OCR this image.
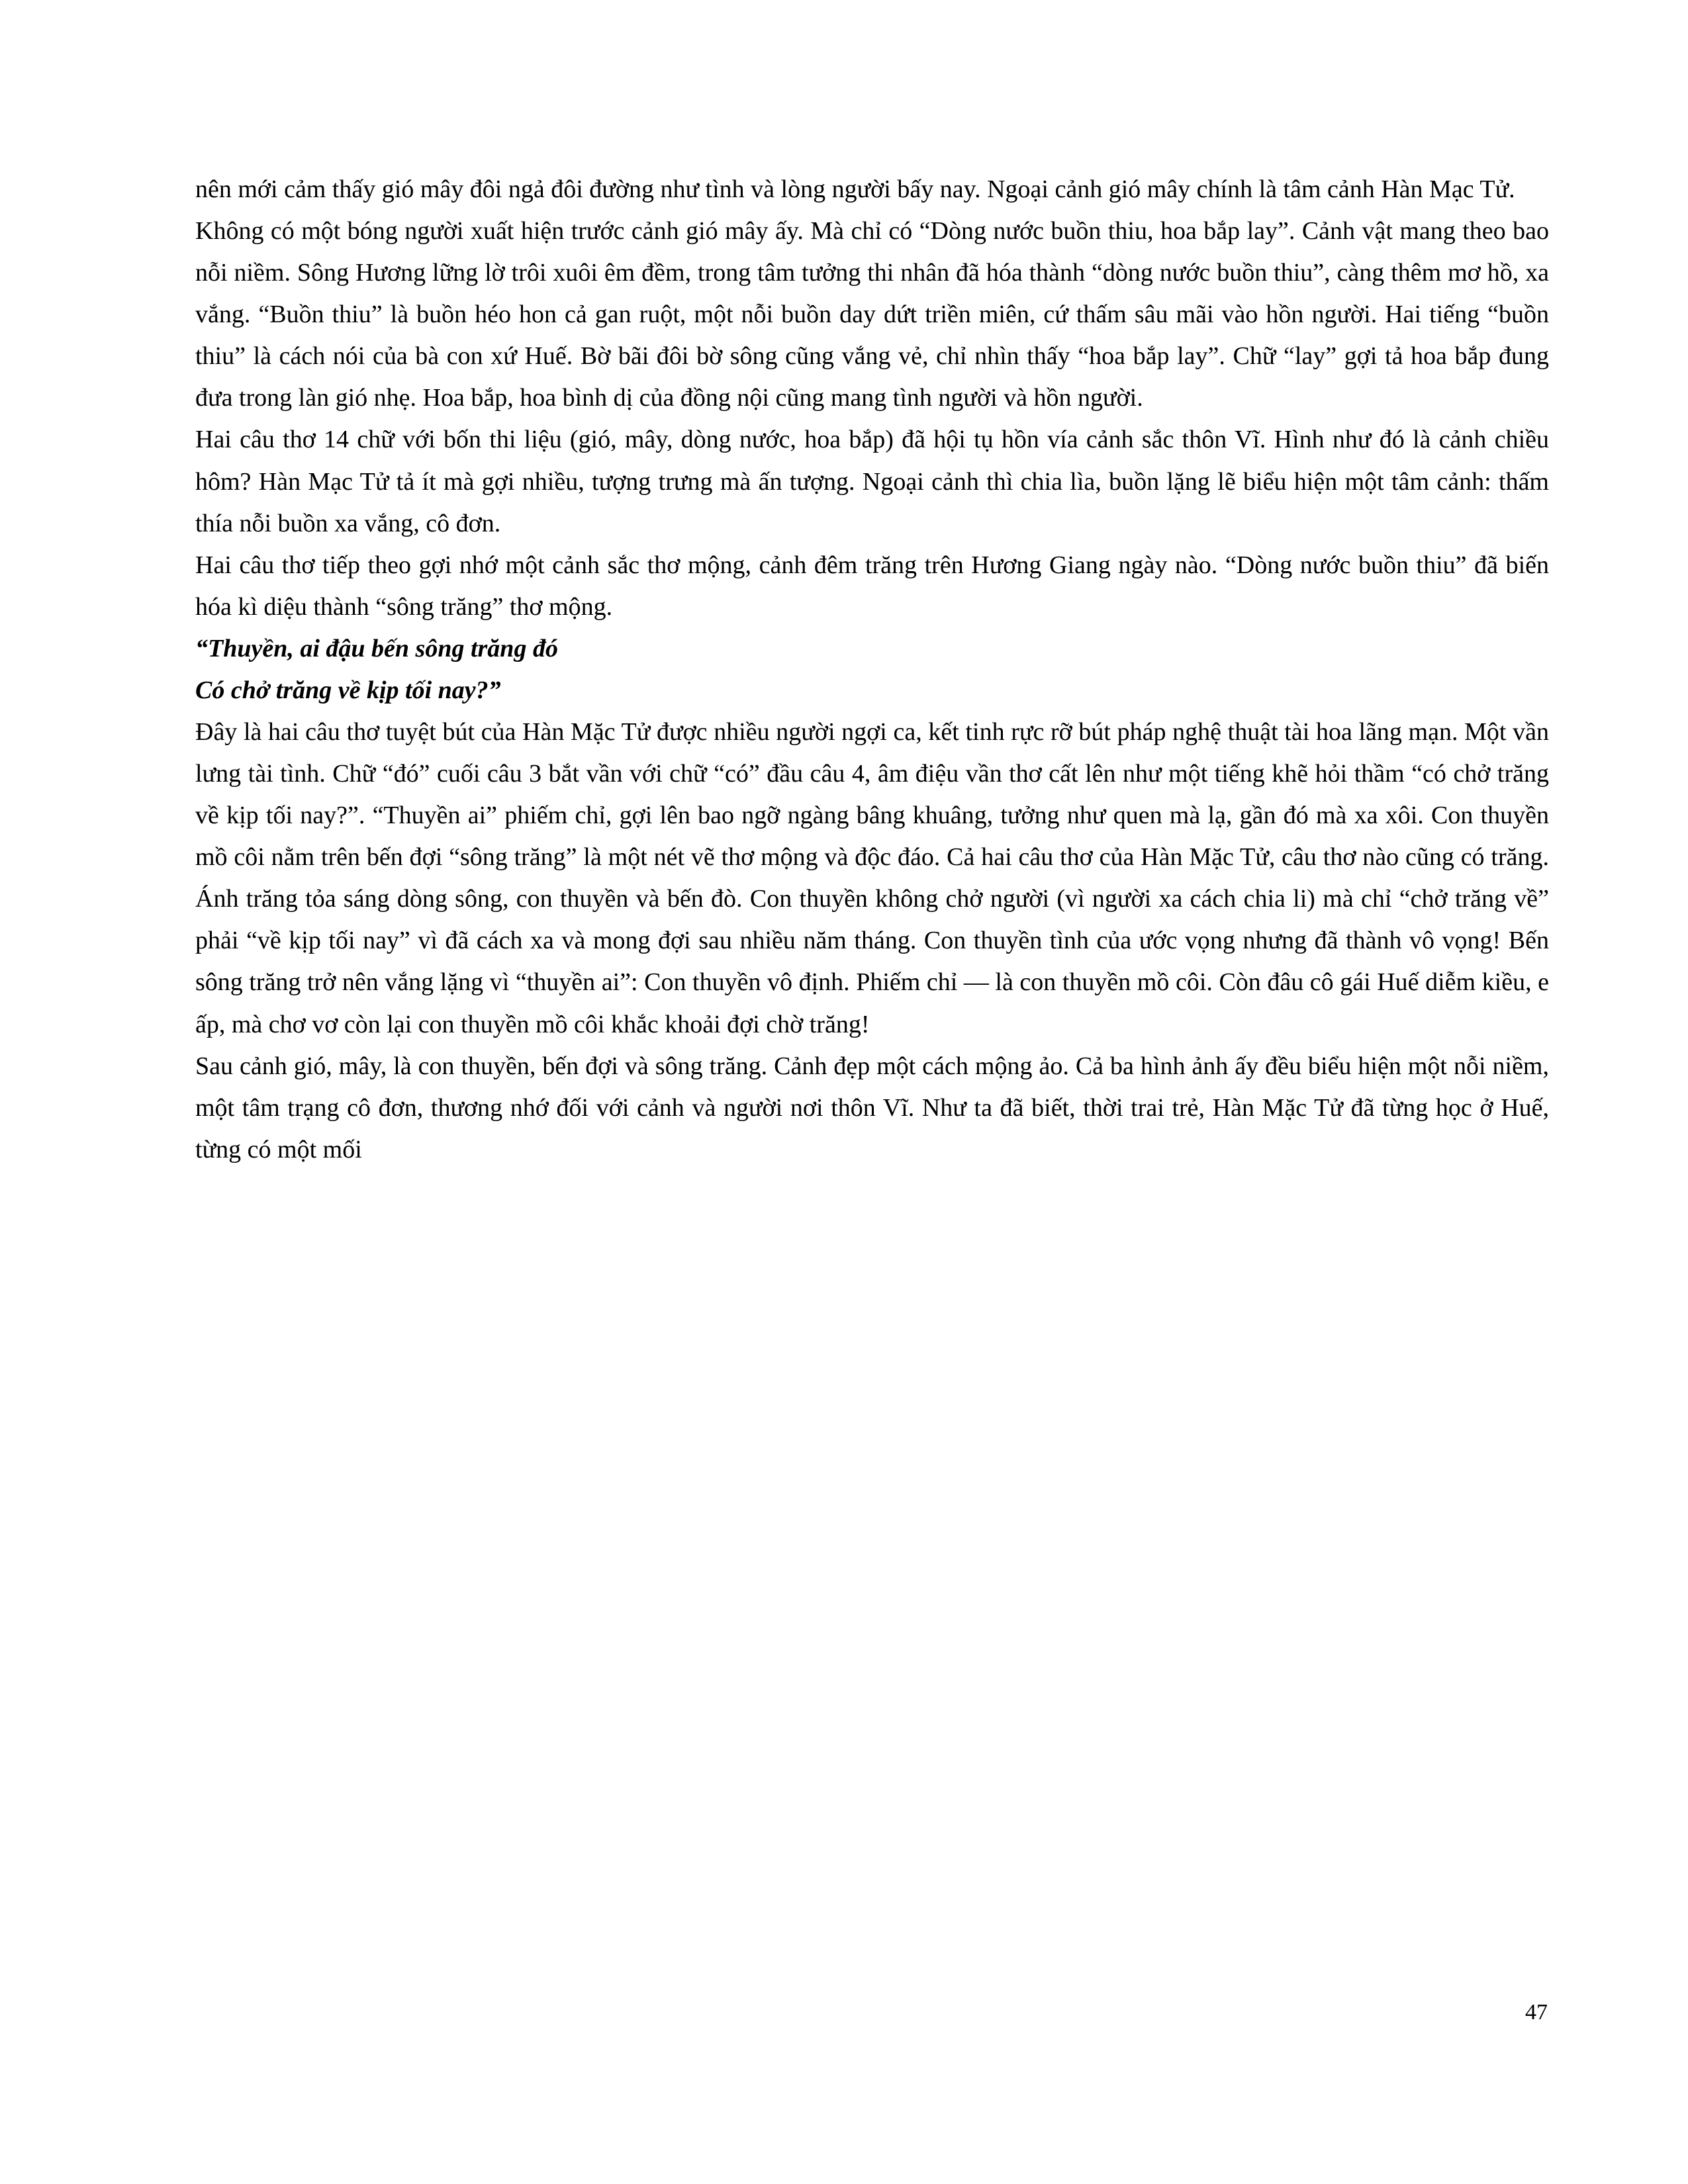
nên mới cảm thấy gió mây đôi ngả đôi đường như tình và lòng người bấy nay. Ngoại cảnh gió mây chính là tâm cảnh Hàn Mạc Tử.

Không có một bóng người xuất hiện trước cảnh gió mây ấy. Mà chỉ có “Dòng nước buồn thiu, hoa bắp lay”. Cảnh vật mang theo bao nỗi niềm. Sông Hương lững lờ trôi xuôi êm đềm, trong tâm tưởng thi nhân đã hóa thành “dòng nước buồn thiu”, càng thêm mơ hồ, xa vắng. “Buồn thiu” là buồn héo hon cả gan ruột, một nỗi buồn day dứt triền miên, cứ thấm sâu mãi vào hồn người. Hai tiếng “buồn thiu” là cách nói của bà con xứ Huế. Bờ bãi đôi bờ sông cũng vắng vẻ, chỉ nhìn thấy “hoa bắp lay”. Chữ “lay” gợi tả hoa bắp đung đưa trong làn gió nhẹ. Hoa bắp, hoa bình dị của đồng nội cũng mang tình người và hồn người.

Hai câu thơ 14 chữ với bốn thi liệu (gió, mây, dòng nước, hoa bắp) đã hội tụ hồn vía cảnh sắc thôn Vĩ. Hình như đó là cảnh chiều hôm? Hàn Mạc Tử tả ít mà gợi nhiều, tượng trưng mà ấn tượng. Ngoại cảnh thì chia lìa, buồn lặng lẽ biểu hiện một tâm cảnh: thấm thía nỗi buồn xa vắng, cô đơn.

Hai câu thơ tiếp theo gợi nhớ một cảnh sắc thơ mộng, cảnh đêm trăng trên Hương Giang ngày nào. “Dòng nước buồn thiu” đã biến hóa kì diệu thành “sông trăng” thơ mộng.

“Thuyền, ai đậu bến sông trăng đó

Có chở trăng về kịp tối nay?”

Đây là hai câu thơ tuyệt bút của Hàn Mặc Tử được nhiều người ngợi ca, kết tinh rực rỡ bút pháp nghệ thuật tài hoa lãng mạn. Một vần lưng tài tình. Chữ “đó” cuối câu 3 bắt vần với chữ “có” đầu câu 4, âm điệu vần thơ cất lên như một tiếng khẽ hỏi thầm “có chở trăng về kịp tối nay?”. “Thuyền ai” phiếm chỉ, gợi lên bao ngỡ ngàng bâng khuâng, tưởng như quen mà lạ, gần đó mà xa xôi. Con thuyền mồ côi nằm trên bến đợi “sông trăng” là một nét vẽ thơ mộng và độc đáo. Cả hai câu thơ của Hàn Mặc Tử, câu thơ nào cũng có trăng. Ánh trăng tỏa sáng dòng sông, con thuyền và bến đò. Con thuyền không chở người (vì người xa cách chia li) mà chỉ “chở trăng về” phải “về kịp tối nay” vì đã cách xa và mong đợi sau nhiều năm tháng. Con thuyền tình của ước vọng nhưng đã thành vô vọng! Bến sông trăng trở nên vắng lặng vì “thuyền ai”: Con thuyền vô định. Phiếm chỉ — là con thuyền mồ côi. Còn đâu cô gái Huế diễm kiều, e ấp, mà chơ vơ còn lại con thuyền mồ côi khắc khoải đợi chờ trăng!

Sau cảnh gió, mây, là con thuyền, bến đợi và sông trăng. Cảnh đẹp một cách mộng ảo. Cả ba hình ảnh ấy đều biểu hiện một nỗi niềm, một tâm trạng cô đơn, thương nhớ đối với cảnh và người nơi thôn Vĩ. Như ta đã biết, thời trai trẻ, Hàn Mặc Tử đã từng học ở Huế, từng có một mối

47
